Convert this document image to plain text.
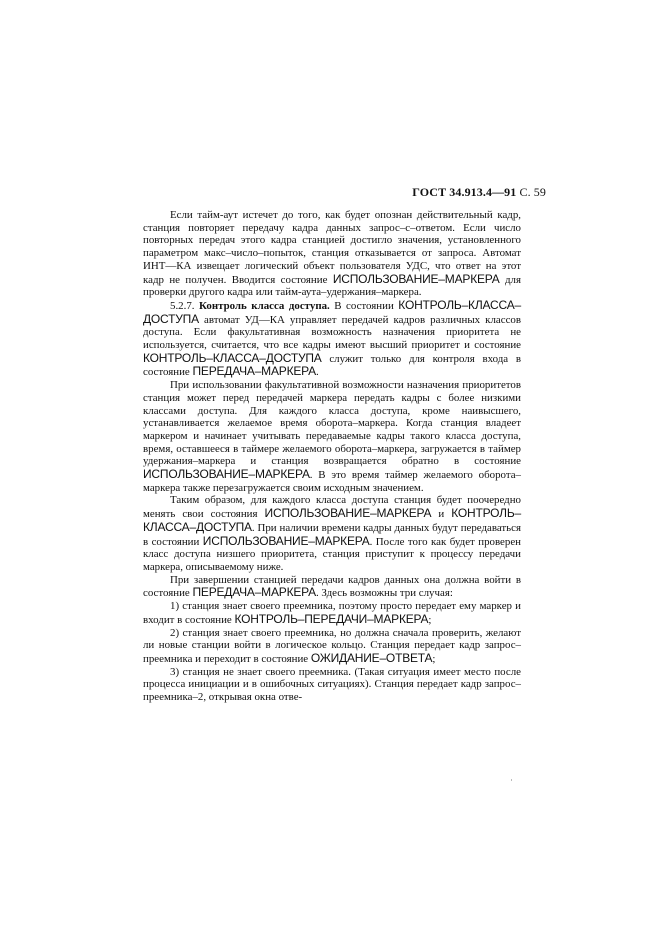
ГОСТ 34.913.4—91 С. 59

Если тайм-аут истечет до того, как будет опознан действительный кадр, станция повторяет передачу кадра данных запрос–с–ответом. Если число повторных передач этого кадра станцией достигло значения, установленного параметром макс–число–попыток, станция отказывается от запроса. Автомат ИНТ—КА извещает логический объект пользователя УДС, что ответ на этот кадр не получен. Вводится состояние ИСПОЛЬЗОВАНИЕ–МАРКЕРА для проверки другого кадра или тайм-аута–удержания–маркера.

5.2.7. Контроль класса доступа. В состоянии КОНТРОЛЬ–КЛАССА–ДОСТУПА автомат УД—КА управляет передачей кадров различных классов доступа. Если факультативная возможность назначения приоритета не используется, считается, что все кадры имеют высший приоритет и состояние КОНТРОЛЬ–КЛАССА–ДОСТУПА служит только для контроля входа в состояние ПЕРЕДАЧА–МАРКЕРА.

При использовании факультативной возможности назначения приоритетов станция может перед передачей маркера передать кадры с более низкими классами доступа. Для каждого класса доступа, кроме наивысшего, устанавливается желаемое время оборота–маркера. Когда станция владеет маркером и начинает учитывать передаваемые кадры такого класса доступа, время, оставшееся в таймере желаемого оборота–маркера, загружается в таймер удержания–маркера и станция возвращается обратно в состояние ИСПОЛЬЗОВАНИЕ–МАРКЕРА. В это время таймер желаемого оборота–маркера также перезагружается своим исходным значением.

Таким образом, для каждого класса доступа станция будет поочередно менять свои состояния ИСПОЛЬЗОВАНИЕ–МАРКЕРА и КОНТРОЛЬ–КЛАССА–ДОСТУПА. При наличии времени кадры данных будут передаваться в состоянии ИСПОЛЬЗОВАНИЕ–МАРКЕРА. После того как будет проверен класс доступа низшего приоритета, станция приступит к процессу передачи маркера, описываемому ниже.

При завершении станцией передачи кадров данных она должна войти в состояние ПЕРЕДАЧА–МАРКЕРА. Здесь возможны три случая:

1) станция знает своего преемника, поэтому просто передает ему маркер и входит в состояние КОНТРОЛЬ–ПЕРЕДАЧИ–МАРКЕРА;

2) станция знает своего преемника, но должна сначала проверить, желают ли новые станции войти в логическое кольцо. Станция передает кадр запрос–преемника и переходит в состояние ОЖИДАНИЕ–ОТВЕТА;

3) станция не знает своего преемника. (Такая ситуация имеет место после процесса инициации и в ошибочных ситуациях). Станция передает кадр запрос–преемника–2, открывая окна отве-
